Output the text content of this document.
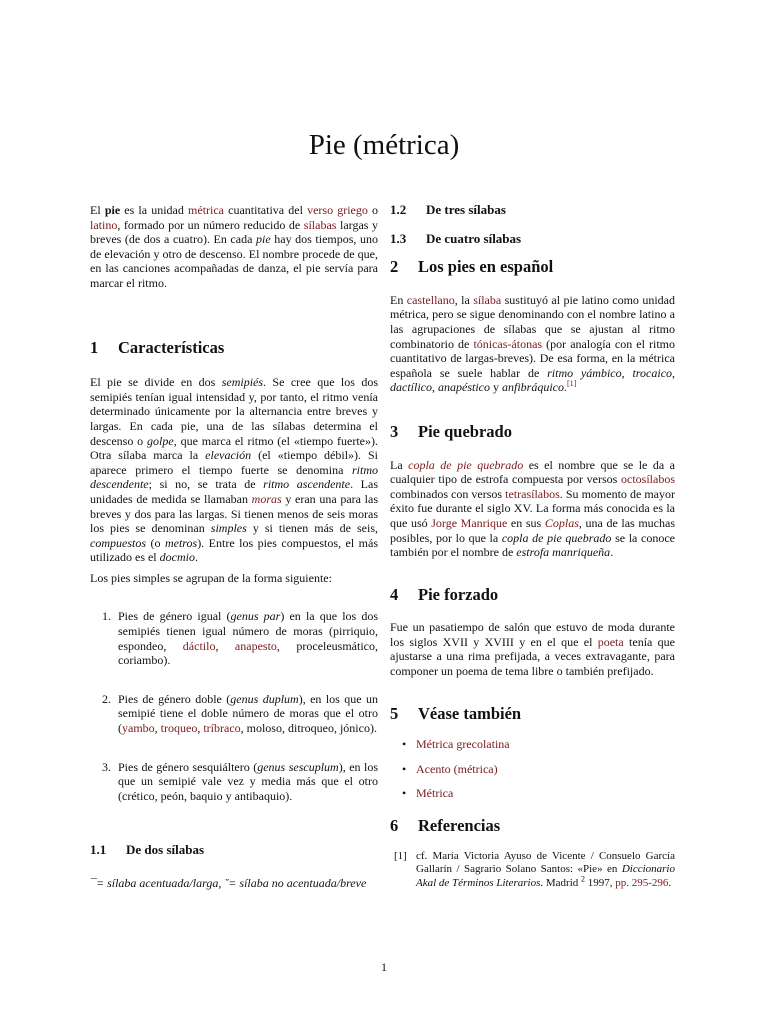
Pie (métrica)

El pie es la unidad métrica cuantitativa del verso griego o latino, formado por un número reducido de sílabas largas y breves (de dos a cuatro). En cada pie hay dos tiempos, uno de elevación y otro de descenso. El nombre procede de que, en las canciones acompañadas de danza, el pie servía para marcar el ritmo.

1	Características

El pie se divide en dos semipiés. Se cree que los dos semipiés tenían igual intensidad y, por tanto, el ritmo venía determinado únicamente por la alternancia entre breves y largas. En cada pie, una de las sílabas determina el descenso o golpe, que marca el ritmo (el «tiempo fuerte»). Otra sílaba marca la elevación (el «tiempo débil»). Si aparece primero el tiempo fuerte se denomina ritmo descendente; si no, se trata de ritmo ascendente. Las unidades de medida se llamaban moras y eran una para las breves y dos para las largas. Si tienen menos de seis moras los pies se denominan simples y si tienen más de seis, compuestos (o metros). Entre los pies compuestos, el más utilizado es el docmio.

Los pies simples se agrupan de la forma siguiente:

1. Pies de género igual (genus par) en la que los dos semipiés tienen igual número de moras (pirriquio, espondeo, dáctilo, anapesto, proceleusmático, coriambo).
2. Pies de género doble (genus duplum), en los que un semipié tiene el doble número de moras que el otro (yambo, troqueo, tríbraco, moloso, ditroqueo, jónico).
3. Pies de género sesquiáltero (genus sescuplum), en los que un semipié vale vez y media más que el otro (crético, peón, baquio y antibaquio).
1.1	De dos sílabas

¯= sílaba acentuada/larga, ˘= sílaba no acentuada/breve

1.2	De tres sílabas
1.3	De cuatro sílabas
2	Los pies en español

En castellano, la sílaba sustituyó al pie latino como unidad métrica, pero se sigue denominando con el nombre latino a las agrupaciones de sílabas que se ajustan al ritmo combinatorio de tónicas-átonas (por analogía con el ritmo cuantitativo de largas-breves). De esa forma, en la métrica española se suele hablar de ritmo yámbico, trocaico, dactílico, anapéstico y anfibráquico.[1]

3	Pie quebrado

La copla de pie quebrado es el nombre que se le da a cualquier tipo de estrofa compuesta por versos octosílabos combinados con versos tetrasílabos. Su momento de mayor éxito fue durante el siglo XV. La forma más conocida es la que usó Jorge Manrique en sus Coplas, una de las muchas posibles, por lo que la copla de pie quebrado se la conoce también por el nombre de estrofa manriqueña.

4	Pie forzado

Fue un pasatiempo de salón que estuvo de moda durante los siglos XVII y XVIII y en el que el poeta tenía que ajustarse a una rima prefijada, a veces extravagante, para componer un poema de tema libre o también prefijado.

5	Véase también
• Métrica grecolatina
• Acento (métrica)
• Métrica
6	Referencias
[1] cf. María Victoria Ayuso de Vicente / Consuelo García Gallarín / Sagrario Solano Santos: «Pie» en Diccionario Akal de Términos Literarios. Madrid $^2$ 1997, pp. 295-296.
1
